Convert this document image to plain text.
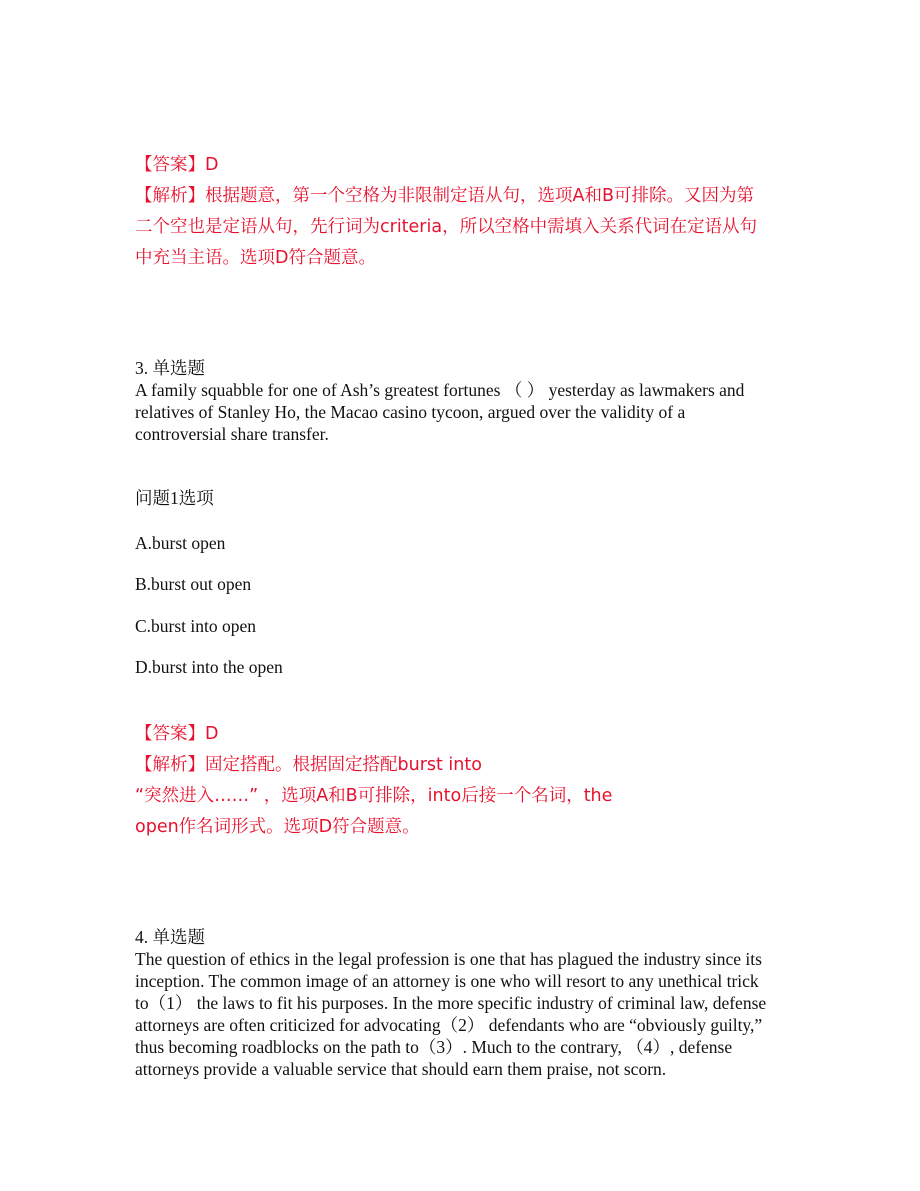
【答案】D

【解析】根据题意，第一个空格为非限制定语从句，选项A和B可排除。又因为第

二个空也是定语从句，先行词为criteria，所以空格中需填入关系代词在定语从句

中充当主语。选项D符合题意。

3. 单选题

A family squabble for one of Ash’s greatest fortunes （ ） yesterday as lawmakers and

relatives of Stanley Ho, the Macao casino tycoon, argued over the validity of a

controversial share transfer.

问题1选项

A.burst open

B.burst out open

C.burst into open

D.burst into the open

【答案】D

【解析】固定搭配。根据固定搭配burst into

“突然进入……” ，选项A和B可排除，into后接一个名词，the

open作名词形式。选项D符合题意。

4. 单选题

The question of ethics in the legal profession is one that has plagued the industry since its

inception. The common image of an attorney is one who will resort to any unethical trick

to（1） the laws to fit his purposes. In the more specific industry of criminal law, defense

attorneys are often criticized for advocating（2） defendants who are “obviously guilty,”

thus becoming roadblocks on the path to（3）. Much to the contrary, （4）, defense

attorneys provide a valuable service that should earn them praise, not scorn.
